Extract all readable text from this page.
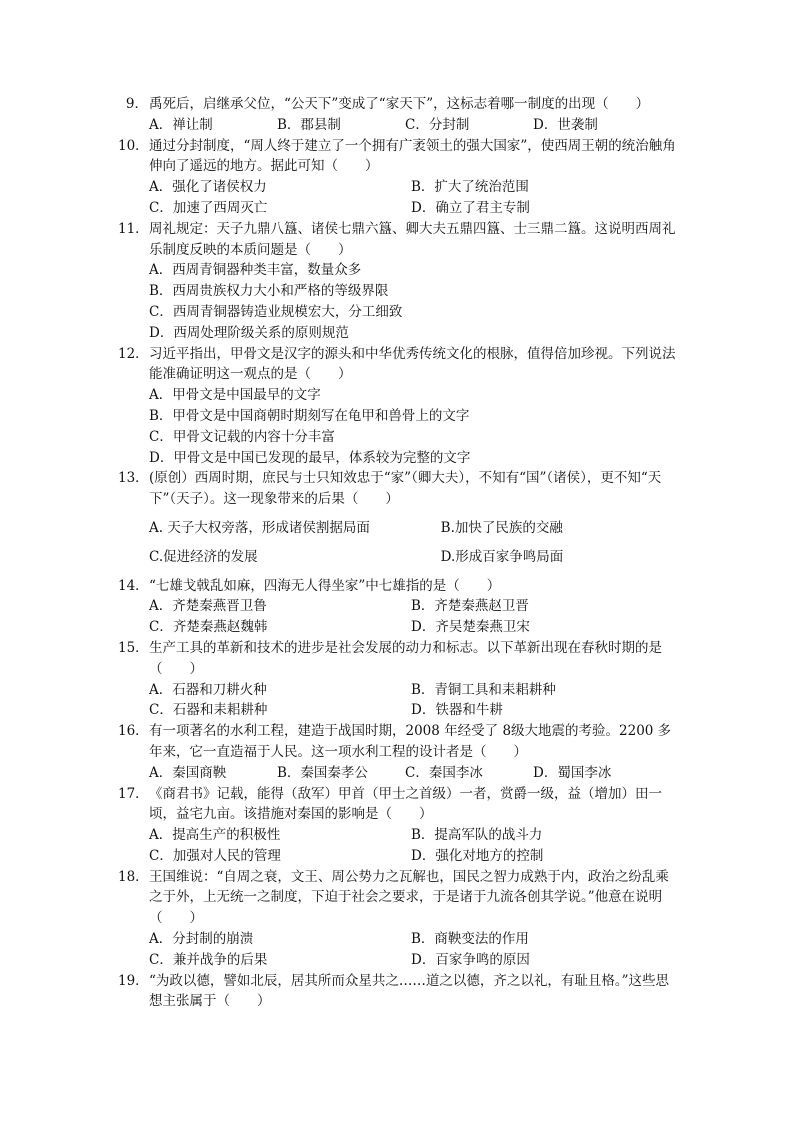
9． 禹死后，启继承父位，“公天下”变成了“家天下”，这标志着哪一制度的出现（　　）
A．禅让制	B．郡县制	C．分封制	D．世袭制
10． 通过分封制度，“周人终于建立了一个拥有广袤领土的强大国家”，使西周王朝的统治触角伸向了遥远的地方。据此可知（　　）
A．强化了诸侯权力	B．扩大了统治范围
C．加速了西周灭亡	D．确立了君主专制
11． 周礼规定：天子九鼎八簋、诸侯七鼎六簋、卿大夫五鼎四簋、士三鼎二簋。这说明西周礼乐制度反映的本质问题是（　　）
A．西周青铜器种类丰富，数量众多
B．西周贵族权力大小和严格的等级界限
C．西周青铜器铸造业规模宏大，分工细致
D．西周处理阶级关系的原则规范
12． 习近平指出，甲骨文是汉字的源头和中华优秀传统文化的根脉，值得倍加珍视。下列说法能准确证明这一观点的是（　　）
A．甲骨文是中国最早的文字
B．甲骨文是中国商朝时期刻写在龟甲和兽骨上的文字
C．甲骨文记载的内容十分丰富
D．甲骨文是中国已发现的最早，体系较为完整的文字
13． (原创）西周时期，庶民与士只知效忠于“家”（卿大夫），不知有“国”（诸侯），更不知“天下”（天子）。这一现象带来的后果（　　）
A. 天子大权旁落，形成诸侯割据局面	B.加快了民族的交融
C.促进经济的发展	D.形成百家争鸣局面
14． “七雄戈戟乱如麻，四海无人得坐家”中七雄指的是（　　）
A．齐楚秦燕晋卫鲁	B．齐楚秦燕赵卫晋
C．齐楚秦燕赵魏韩	D．齐吴楚秦燕卫宋
15． 生产工具的革新和技术的进步是社会发展的动力和标志。以下革新出现在春秋时期的是（　　）
A．石器和刀耕火种	B．青铜工具和耒耜耕种
C．石器和耒耜耕种	D．铁器和牛耕
16． 有一项著名的水利工程，建造于战国时期，2008 年经受了 8级大地震的考验。2200 多年来，它一直造福于人民。这一项水利工程的设计者是（　　）
A．秦国商鞅	B．秦国秦孝公	C．秦国李冰	D．蜀国李冰
17． 《商君书》记载，能得（敌军）甲首（甲士之首级）一者，赏爵一级，益（增加）田一顷，益宅九亩。该措施对秦国的影响是（　　）
A．提高生产的积极性	B．提高军队的战斗力
C．加强对人民的管理	D．强化对地方的控制
18． 王国维说：“自周之衰，文王、周公势力之瓦解也，国民之智力成熟于内，政治之纷乱乘之于外，上无统一之制度，下迫于社会之要求，于是诸于九流各创其学说。”他意在说明（　　）
A．分封制的崩溃	B．商鞅变法的作用
C．兼并战争的后果	D．百家争鸣的原因
19． “为政以德，譬如北辰，居其所而众星共之……道之以德，齐之以礼，有耻且格。”这些思想主张属于（　　）
